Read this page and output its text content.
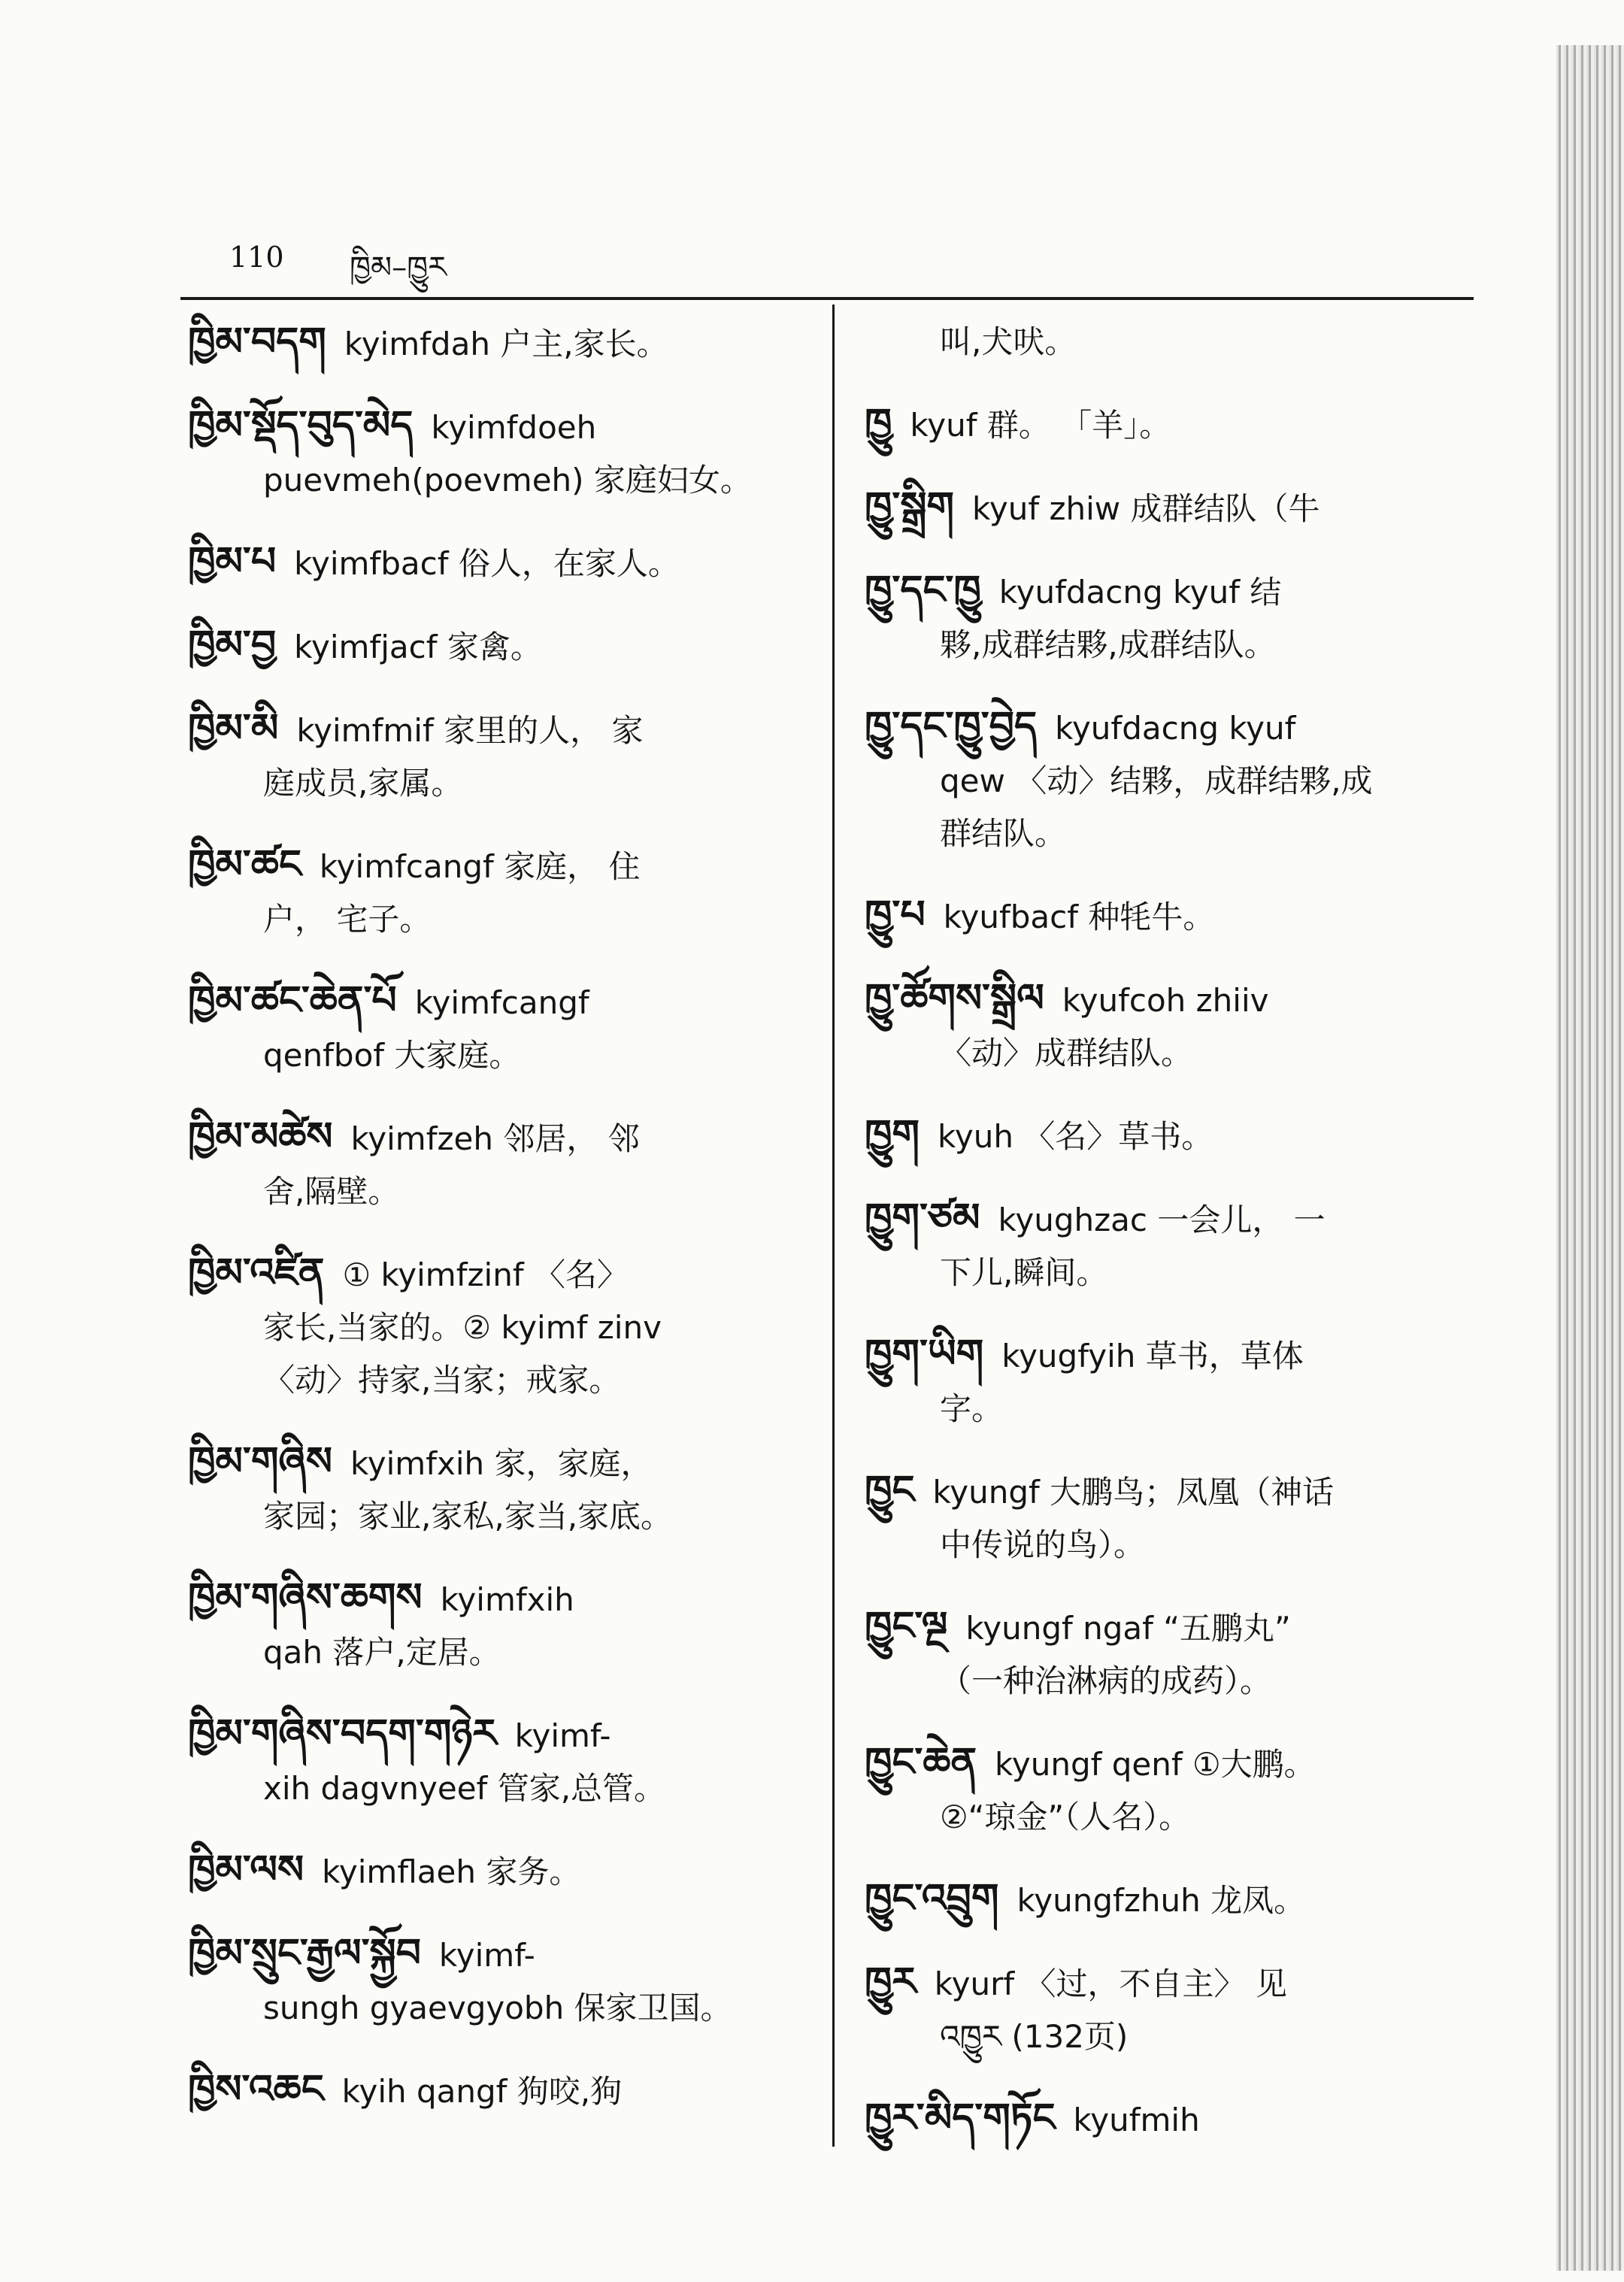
110 ཁྱིམ–ཁྱུར
ཁྱིམ་བདག kyimfdah 户主,家长。
ཁྱིམ་སྡོད་བུད་མེད kyimfdoeh
puevmeh(poevmeh) 家庭妇女。
ཁྱིམ་པ kyimfbacf 俗人，在家人。
ཁྱིམ་བྱ kyimfjacf 家禽。
ཁྱིམ་མི kyimfmif 家里的人， 家
庭成员,家属。
ཁྱིམ་ཚང kyimfcangf 家庭， 住
户， 宅子。
ཁྱིམ་ཚང་ཆེན་པོ kyimfcangf
qenfbof 大家庭。
ཁྱིམ་མཚེས kyimfzeh 邻居， 邻
舍,隔壁。
ཁྱིམ་འཛིན ① kyimfzinf 〈名〉
家长,当家的。② kyimf zinv
〈动〉持家,当家；戒家。
ཁྱིམ་གཞིས kyimfxih 家，家庭，
家园；家业,家私,家当,家底。
ཁྱིམ་གཞིས་ཆགས kyimfxih
qah 落户,定居。
ཁྱིམ་གཞིས་བདག་གཉེར kyimf-
xih dagvnyeef 管家,总管。
ཁྱིམ་ལས kyimflaeh 家务。
ཁྱིམ་སྲུང་རྒྱལ་སྐྱོབ kyimf-
sungh gyaevgyobh 保家卫国。
ཁྱིས་འཆང kyih qangf 狗咬,狗
叫,犬吠。
ཁྱུ kyuf 群。 「羊」。
ཁྱུ་སྒྲིག kyuf zhiw 成群结队（牛
ཁྱུ་དང་ཁྱུ kyufdacng kyuf 结
夥,成群结夥,成群结队。
ཁྱུ་དང་ཁྱུ་བྱེད kyufdacng kyuf
qew 〈动〉结夥，成群结夥,成
群结队。
ཁྱུ་པ kyufbacf 种牦牛。
ཁྱུ་ཚོགས་སྒྲིལ kyufcoh zhiiv
〈动〉成群结队。
ཁྱུག kyuh 〈名〉草书。
ཁྱུག་ཙམ kyughzac 一会儿， 一
下儿,瞬间。
ཁྱུག་ཡིག kyugfyih 草书，草体
字。
ཁྱུང kyungf 大鹏鸟；凤凰（神话
中传说的鸟）。
ཁྱུང་ལྔ kyungf ngaf “五鹏丸”
（一种治淋病的成药）。
ཁྱུང་ཆེན kyungf qenf ①大鹏。
②“琼金”（人名）。
ཁྱུང་འབྲུག kyungfzhuh 龙凤。
ཁྱུར kyurf 〈过，不自主〉 见
འཁྱུར (132页)
ཁྱུར་མིད་གཏོང kyufmih
